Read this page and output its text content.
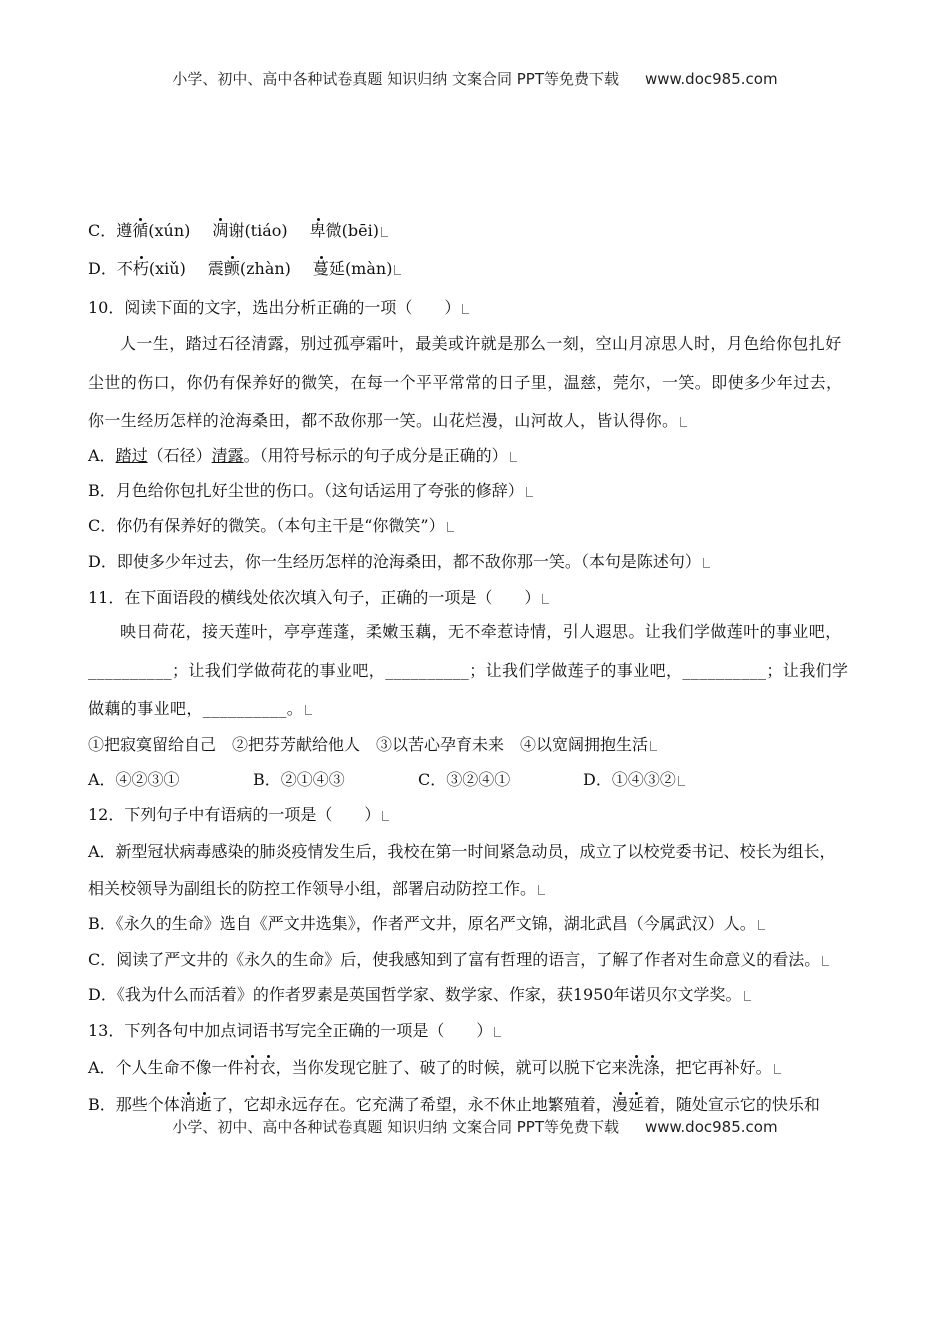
小学、初中、高中各种试卷真题 知识归纳 文案合同 PPT等免费下载 www.doc985.com
C．遵循(xún) 凋谢(tiáo) 卑微(bēi)
D．不朽(xiǔ) 震颤(zhàn) 蔓延(màn)
10．阅读下面的文字，选出分析正确的一项（　　）
人一生，踏过石径清露，别过孤亭霜叶，最美或许就是那么一刻，空山月凉思人时，月色给你包扎好
尘世的伤口，你仍有保养好的微笑，在每一个平平常常的日子里，温慈，莞尔，一笑。即使多少年过去，
你一生经历怎样的沧海桑田，都不敌你那一笑。山花烂漫，山河故人，皆认得你。
A．踏过（石径）清露。（用符号标示的句子成分是正确的）
B．月色给你包扎好尘世的伤口。（这句话运用了夸张的修辞）
C．你仍有保养好的微笑。（本句主干是“你微笑”）
D．即使多少年过去，你一生经历怎样的沧海桑田，都不敌你那一笑。（本句是陈述句）
11．在下面语段的横线处依次填入句子，正确的一项是（　　）
映日荷花，接天莲叶，亭亭莲蓬，柔嫩玉藕，无不牵惹诗情，引人遐思。让我们学做莲叶的事业吧，
__________；让我们学做荷花的事业吧，__________；让我们学做莲子的事业吧，__________；让我们学
做藕的事业吧，__________。
①把寂寞留给自己　②把芬芳献给他人　③以苦心孕育未来　④以宽阔拥抱生活
A．④②③①	B．②①④③	C．③②④①	D．①④③②
12．下列句子中有语病的一项是（　　）
A．新型冠状病毒感染的肺炎疫情发生后，我校在第一时间紧急动员，成立了以校党委书记、校长为组长，
相关校领导为副组长的防控工作领导小组，部署启动防控工作。
B．《永久的生命》选自《严文井选集》，作者严文井，原名严文锦，湖北武昌（今属武汉）人。
C．阅读了严文井的《永久的生命》后，使我感知到了富有哲理的语言，了解了作者对生命意义的看法。
D．《我为什么而活着》的作者罗素是英国哲学家、数学家、作家，获1950年诺贝尔文学奖。
13．下列各句中加点词语书写完全正确的一项是（　　）
A．个人生命不像一件衬衣，当你发现它脏了、破了的时候，就可以脱下它来洗涤，把它再补好。
B．那些个体消逝了，它却永远存在。它充满了希望，永不休止地繁殖着，漫延着，随处宣示它的快乐和
小学、初中、高中各种试卷真题 知识归纳 文案合同 PPT等免费下载 www.doc985.com
